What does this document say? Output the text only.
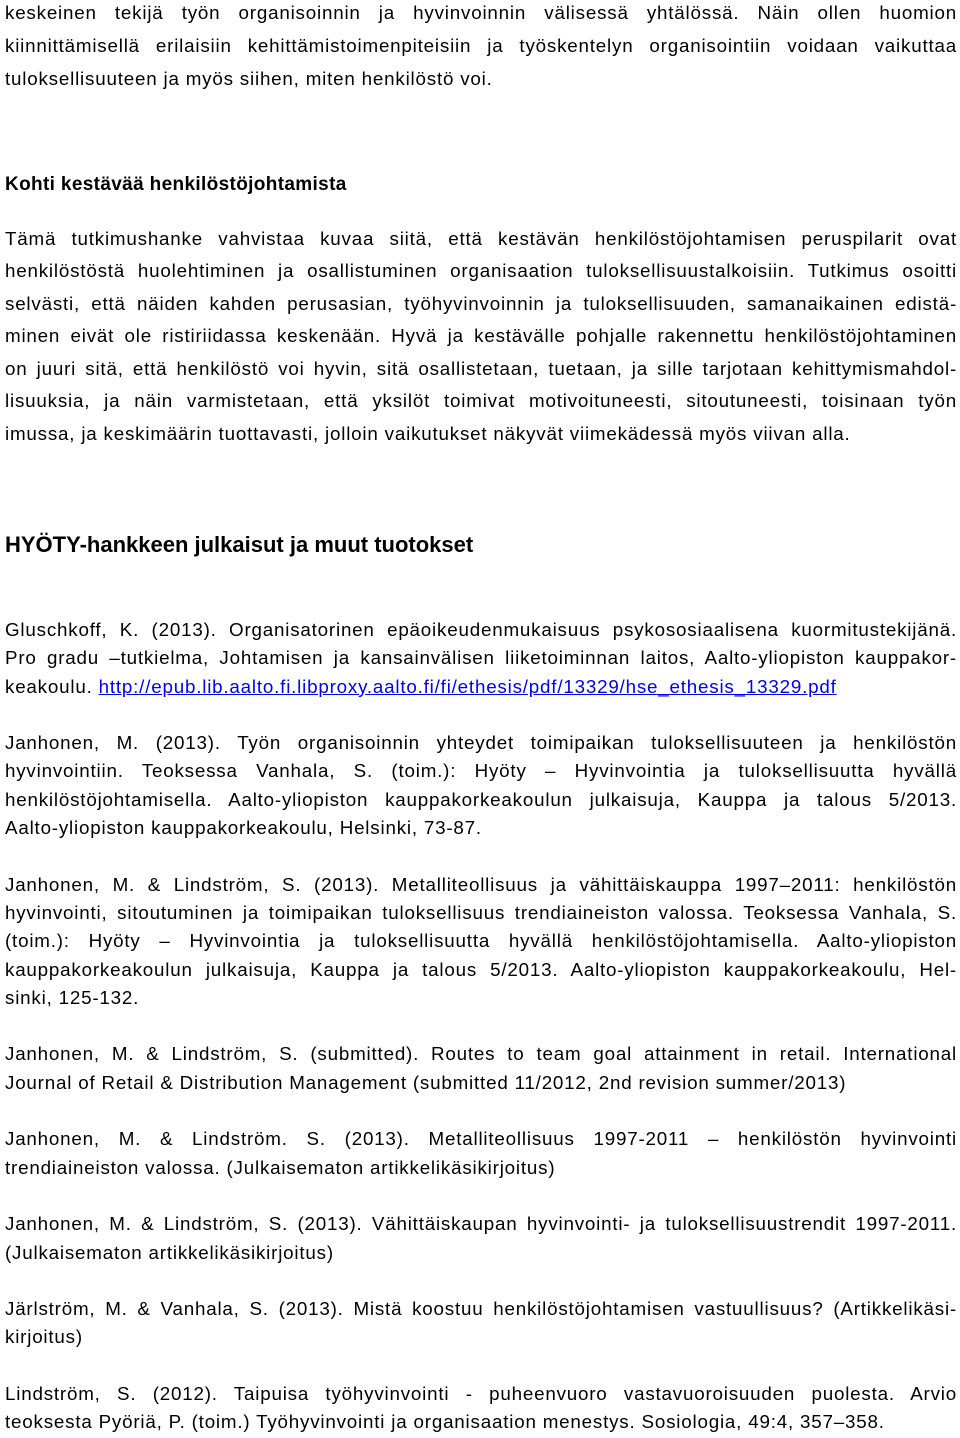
keskeinen tekijä työn organisoinnin ja hyvinvoinnin välisessä yhtälössä. Näin ollen huomion
kiinnittämisellä erilaisiin kehittämistoimenpiteisiin ja työskentelyn organisointiin voidaan vaikuttaa
tuloksellisuuteen ja myös siihen, miten henkilöstö voi.
Kohti kestävää henkilöstöjohtamista
Tämä tutkimushanke vahvistaa kuvaa siitä, että kestävän henkilöstöjohtamisen peruspilarit ovat
henkilöstöstä huolehtiminen ja osallistuminen organisaation tuloksellisuustalkoisiin. Tutkimus osoitti
selvästi, että näiden kahden perusasian, työhyvinvoinnin ja tuloksellisuuden, samanaikainen edistä-
minen eivät ole ristiriidassa keskenään. Hyvä ja kestävälle pohjalle rakennettu henkilöstöjohtaminen
on juuri sitä, että henkilöstö voi hyvin, sitä osallistetaan, tuetaan, ja sille tarjotaan kehittymismahdol-
lisuuksia, ja näin varmistetaan, että yksilöt toimivat motivoituneesti, sitoutuneesti, toisinaan työn
imussa, ja keskimäärin tuottavasti, jolloin vaikutukset näkyvät viimekädessä myös viivan alla.
HYÖTY-hankkeen julkaisut ja muut tuotokset
Gluschkoff, K. (2013). Organisatorinen epäoikeudenmukaisuus psykososiaalisena kuormitustekijänä.
Pro gradu –tutkielma, Johtamisen ja kansainvälisen liiketoiminnan laitos, Aalto-yliopiston kauppakor-
keakoulu. http://epub.lib.aalto.fi.libproxy.aalto.fi/fi/ethesis/pdf/13329/hse_ethesis_13329.pdf
Janhonen, M. (2013). Työn organisoinnin yhteydet toimipaikan tuloksellisuuteen ja henkilöstön
hyvinvointiin. Teoksessa Vanhala, S. (toim.): Hyöty – Hyvinvointia ja tuloksellisuutta hyvällä
henkilöstöjohtamisella. Aalto-yliopiston kauppakorkeakoulun julkaisuja, Kauppa ja talous 5/2013.
Aalto-yliopiston kauppakorkeakoulu, Helsinki, 73-87.
Janhonen, M. & Lindström, S. (2013). Metalliteollisuus ja vähittäiskauppa 1997–2011: henkilöstön
hyvinvointi, sitoutuminen ja toimipaikan tuloksellisuus trendiaineiston valossa. Teoksessa Vanhala, S.
(toim.): Hyöty – Hyvinvointia ja tuloksellisuutta hyvällä henkilöstöjohtamisella. Aalto-yliopiston
kauppakorkeakoulun julkaisuja, Kauppa ja talous 5/2013. Aalto-yliopiston kauppakorkeakoulu, Hel-
sinki, 125-132.
Janhonen, M. & Lindström, S. (submitted). Routes to team goal attainment in retail. International
Journal of Retail & Distribution Management (submitted 11/2012, 2nd revision summer/2013)
Janhonen, M. & Lindström. S. (2013). Metalliteollisuus 1997-2011 – henkilöstön hyvinvointi
trendiaineiston valossa. (Julkaisematon artikkelikäsikirjoitus)
Janhonen, M. & Lindström, S. (2013). Vähittäiskaupan hyvinvointi- ja tuloksellisuustrendit 1997-2011.
(Julkaisematon artikkelikäsikirjoitus)
Järlström, M. & Vanhala, S. (2013). Mistä koostuu henkilöstöjohtamisen vastuullisuus? (Artikkelikäsi-
kirjoitus)
Lindström, S. (2012). Taipuisa työhyvinvointi - puheenvuoro vastavuoroisuuden puolesta. Arvio
teoksesta Pyöriä, P. (toim.) Työhyvinvointi ja organisaation menestys. Sosiologia, 49:4, 357–358.
